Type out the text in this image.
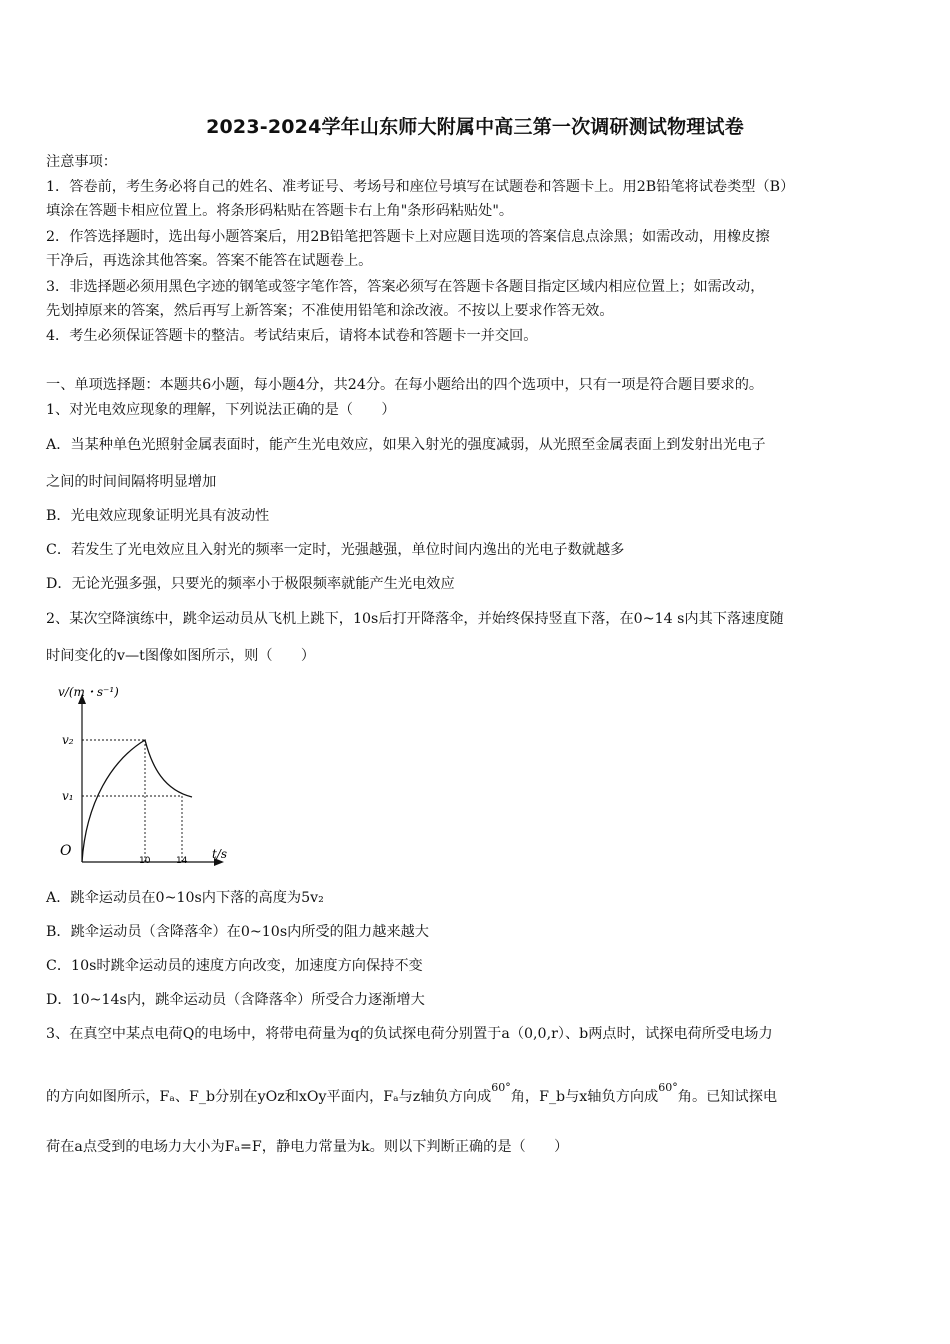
2023-2024学年山东师大附属中高三第一次调研测试物理试卷
注意事项：
1．答卷前，考生务必将自己的姓名、准考证号、考场号和座位号填写在试题卷和答题卡上。用2B铅笔将试卷类型（B）
填涂在答题卡相应位置上。将条形码粘贴在答题卡右上角"条形码粘贴处"。
2．作答选择题时，选出每小题答案后，用2B铅笔把答题卡上对应题目选项的答案信息点涂黑；如需改动，用橡皮擦
干净后，再选涂其他答案。答案不能答在试题卷上。
3．非选择题必须用黑色字迹的钢笔或签字笔作答，答案必须写在答题卡各题目指定区域内相应位置上；如需改动，
先划掉原来的答案，然后再写上新答案；不准使用铅笔和涂改液。不按以上要求作答无效。
4．考生必须保证答题卡的整洁。考试结束后，请将本试卷和答题卡一并交回。
一、单项选择题：本题共6小题，每小题4分，共24分。在每小题给出的四个选项中，只有一项是符合题目要求的。
1、对光电效应现象的理解，下列说法正确的是（　　）
A．当某种单色光照射金属表面时，能产生光电效应，如果入射光的强度减弱，从光照至金属表面上到发射出光电子
之间的时间间隔将明显增加
B．光电效应现象证明光具有波动性
C．若发生了光电效应且入射光的频率一定时，光强越强，单位时间内逸出的光电子数就越多
D．无论光强多强，只要光的频率小于极限频率就能产生光电效应
2、某次空降演练中，跳伞运动员从飞机上跳下，10s后打开降落伞，并始终保持竖直下落，在0~14 s内其下落速度随
时间变化的v—t图像如图所示，则（　　）
v/(m・s⁻¹)
v₂
v₁
O
10	14 t/s
A．跳伞运动员在0~10s内下落的高度为5v₂
B．跳伞运动员（含降落伞）在0~10s内所受的阻力越来越大
C．10s时跳伞运动员的速度方向改变，加速度方向保持不变
D．10~14s内，跳伞运动员（含降落伞）所受合力逐渐增大
3、在真空中某点电荷Q的电场中，将带电荷量为q的负试探电荷分别置于a（0,0,r）、b两点时，试探电荷所受电场力
的方向如图所示，Fₐ、F_b分别在yOz和xOy平面内，Fₐ与z轴负方向成$^{60^\circ}$角，F_b与x轴负方向成$^{60^\circ}$角。已知试探电
荷在a点受到的电场力大小为Fₐ=F，静电力常量为k。则以下判断正确的是（　　）
